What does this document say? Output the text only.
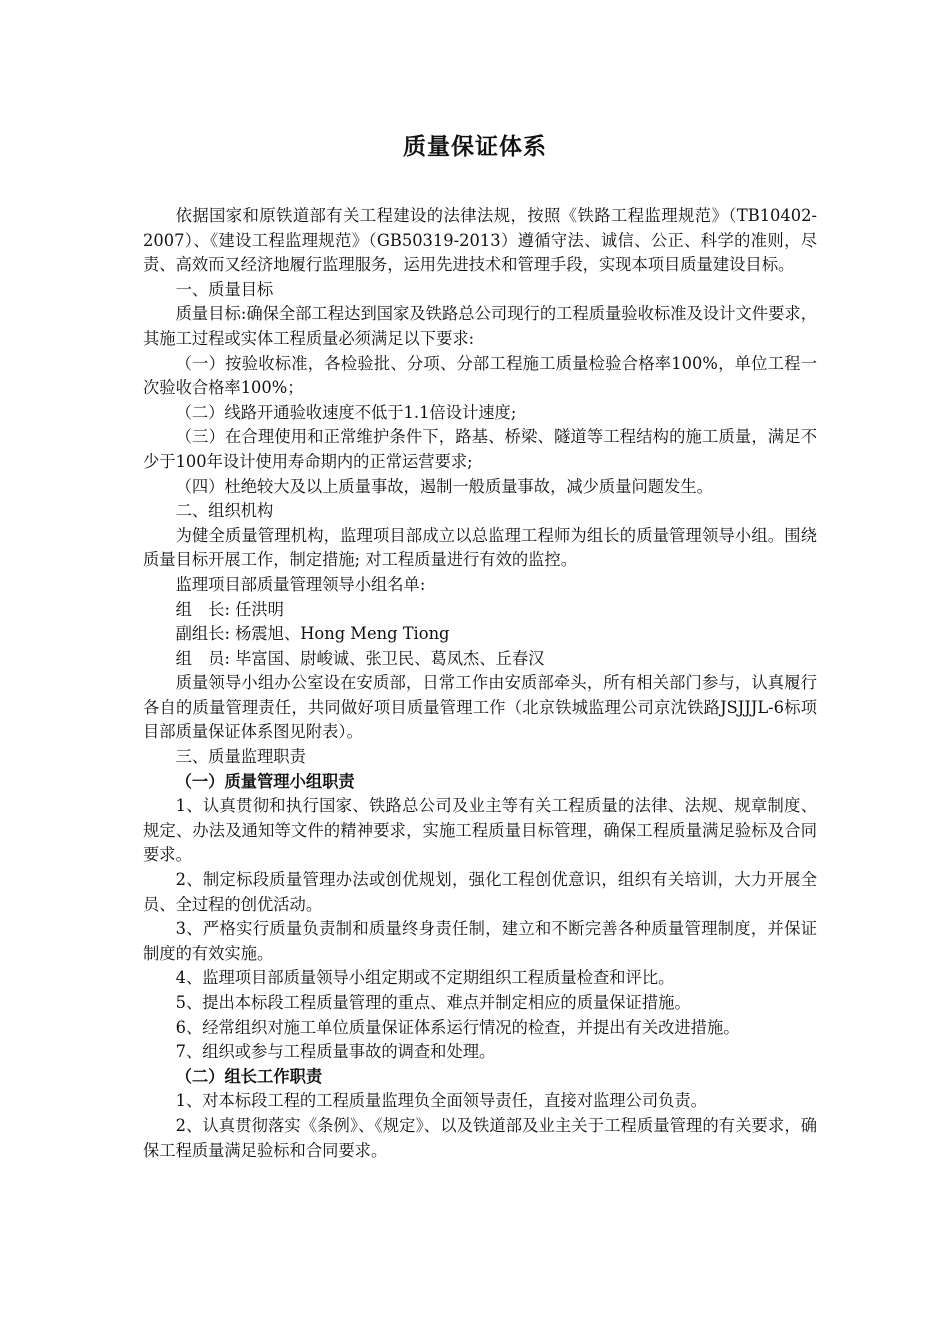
质量保证体系

依据国家和原铁道部有关工程建设的法律法规，按照《铁路工程监理规范》（TB10402-2007）、《建设工程监理规范》（GB50319-2013）遵循守法、诚信、公正、科学的准则，尽责、高效而又经济地履行监理服务，运用先进技术和管理手段，实现本项目质量建设目标。

一、质量目标

质量目标:确保全部工程达到国家及铁路总公司现行的工程质量验收标准及设计文件要求，其施工过程或实体工程质量必须满足以下要求:

（一）按验收标准，各检验批、分项、分部工程施工质量检验合格率100%，单位工程一次验收合格率100%；

（二）线路开通验收速度不低于1.1倍设计速度;

（三）在合理使用和正常维护条件下，路基、桥梁、隧道等工程结构的施工质量，满足不少于100年设计使用寿命期内的正常运营要求;

（四）杜绝较大及以上质量事故，遏制一般质量事故，减少质量问题发生。

二、组织机构

为健全质量管理机构，监理项目部成立以总监理工程师为组长的质量管理领导小组。围绕质量目标开展工作，制定措施; 对工程质量进行有效的监控。

监理项目部质量管理领导小组名单:

组　长: 任洪明

副组长: 杨震旭、Hong Meng Tiong

组　员: 毕富国、尉峻诚、张卫民、葛凤杰、丘春汉

质量领导小组办公室设在安质部，日常工作由安质部牵头，所有相关部门参与，认真履行各自的质量管理责任，共同做好项目质量管理工作（北京铁城监理公司京沈铁路JSJJJL-6标项目部质量保证体系图见附表）。

三、质量监理职责

（一）质量管理小组职责

1、认真贯彻和执行国家、铁路总公司及业主等有关工程质量的法律、法规、规章制度、规定、办法及通知等文件的精神要求，实施工程质量目标管理，确保工程质量满足验标及合同要求。

2、制定标段质量管理办法或创优规划，强化工程创优意识，组织有关培训，大力开展全员、全过程的创优活动。

3、严格实行质量负责制和质量终身责任制，建立和不断完善各种质量管理制度，并保证制度的有效实施。

4、监理项目部质量领导小组定期或不定期组织工程质量检查和评比。

5、提出本标段工程质量管理的重点、难点并制定相应的质量保证措施。

6、经常组织对施工单位质量保证体系运行情况的检查，并提出有关改进措施。

7、组织或参与工程质量事故的调查和处理。

（二）组长工作职责

1、对本标段工程的工程质量监理负全面领导责任，直接对监理公司负责。

2、认真贯彻落实《条例》、《规定》、以及铁道部及业主关于工程质量管理的有关要求，确保工程质量满足验标和合同要求。
